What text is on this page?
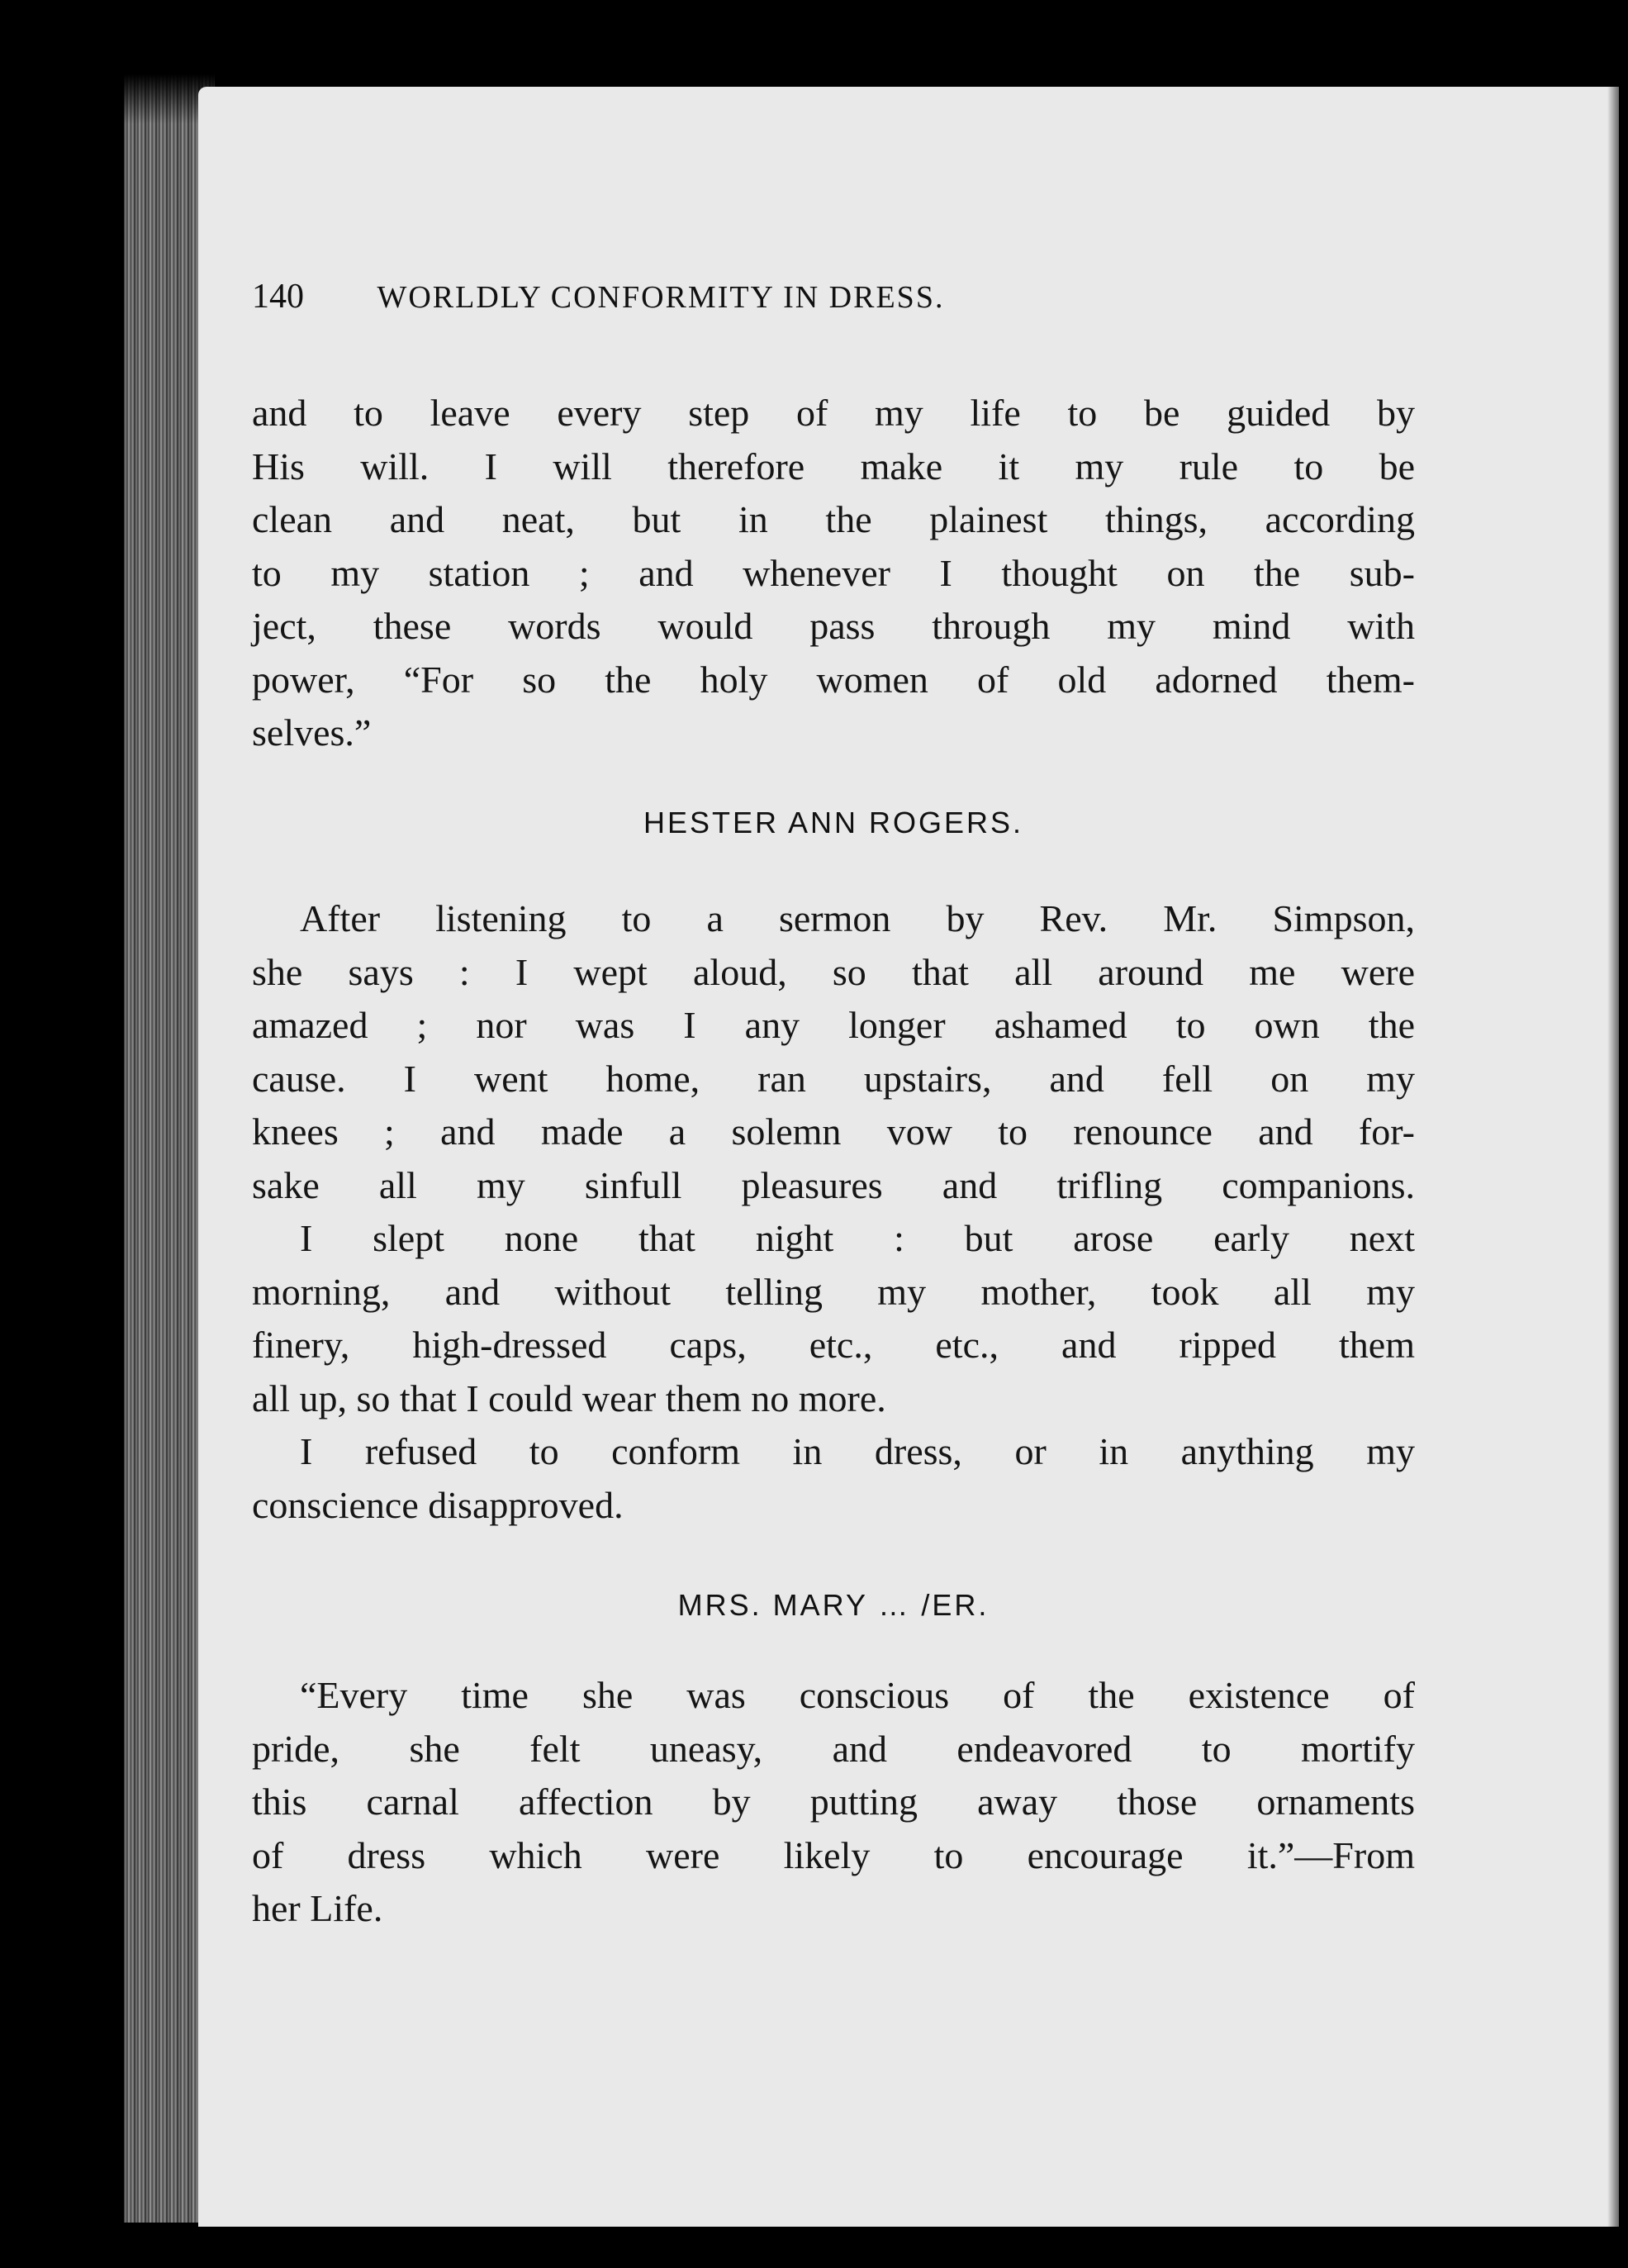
140 WORLDLY CONFORMITY IN DRESS.
and to leave every step of my life to be guided by
His will. I will therefore make it my rule to be
clean and neat, but in the plainest things, according
to my station ; and whenever I thought on the sub-
ject, these words would pass through my mind with
power, “For so the holy women of old adorned them-
selves.”
HESTER ANN ROGERS.
After listening to a sermon by Rev. Mr. Simpson,
she says : I wept aloud, so that all around me were
amazed ; nor was I any longer ashamed to own the
cause. I went home, ran upstairs, and fell on my
knees ; and made a solemn vow to renounce and for-
sake all my sinfull pleasures and trifling companions.
I slept none that night : but arose early next
morning, and without telling my mother, took all my
finery, high-dressed caps, etc., etc., and ripped them
all up, so that I could wear them no more.
I refused to conform in dress, or in anything my
conscience disapproved.
MRS. MARY … /ER.
“Every time she was conscious of the existence of
pride, she felt uneasy, and endeavored to mortify
this carnal affection by putting away those ornaments
of dress which were likely to encourage it.”—From
her Life.
